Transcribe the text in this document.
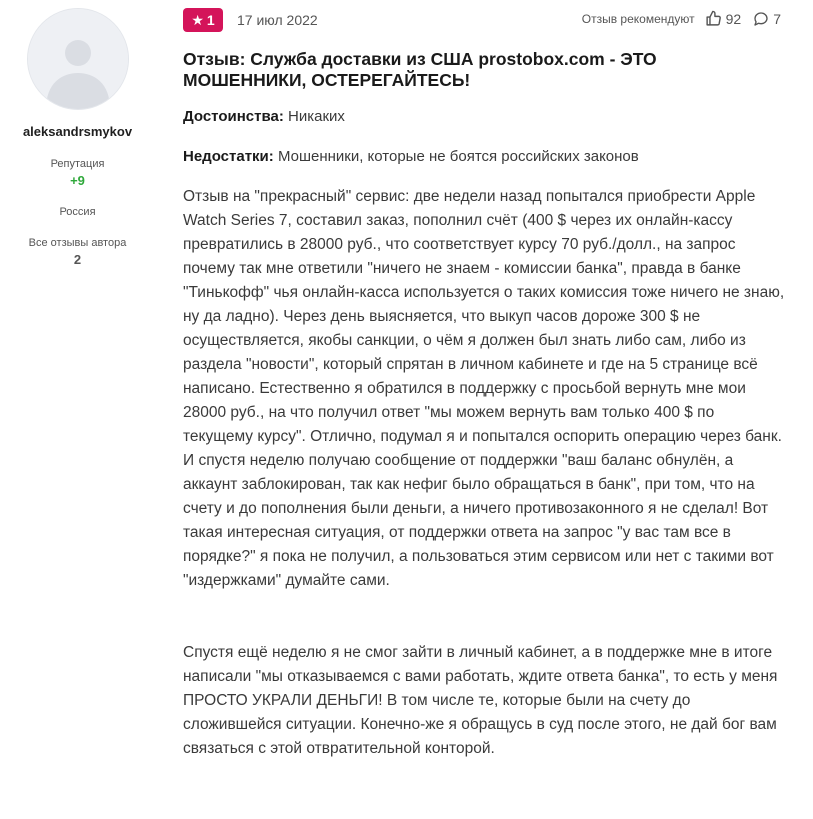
aleksandrsmykov
Репутация
+9
Россия
Все отзывы автора
2
★ 1 17 июл 2022	Отзыв рекомендуют 92 7
Отзыв: Служба доставки из США prostobox.com - ЭТО МОШЕННИКИ, ОСТЕРЕГАЙТЕСЬ!
Достоинства: Никаких
Недостатки: Мошенники, которые не боятся российских законов

Отзыв на "прекрасный" сервис: две недели назад попытался приобрести Apple Watch Series 7, составил заказ, пополнил счёт (400 $ через их онлайн-кассу превратились в 28000 руб., что соответствует курсу 70 руб./долл., на запрос почему так мне ответили "ничего не знаем - комиссии банка", правда в банке "Тинькофф" чья онлайн-касса используется о таких комиссия тоже ничего не знаю, ну да ладно). Через день выясняется, что выкуп часов дороже 300 $ не осуществляется, якобы санкции, о чём я должен был знать либо сам, либо из раздела "новости", который спрятан в личном кабинете и где на 5 странице всё написано. Естественно я обратился в поддержку с просьбой вернуть мне мои 28000 руб., на что получил ответ "мы можем вернуть вам только 400 $ по текущему курсу". Отлично, подумал я и попытался оспорить операцию через банк. И спустя неделю получаю сообщение от поддержки "ваш баланс обнулён, а аккаунт заблокирован, так как нефиг было обращаться в банк", при том, что на счету и до пополнения были деньги, а ничего противозаконного я не сделал! Вот такая интересная ситуация, от поддержки ответа на запрос "у вас там все в порядке?" я пока не получил, а пользоваться этим сервисом или нет с такими вот "издержками" думайте сами.

Спустя ещё неделю я не смог зайти в личный кабинет, а в поддержке мне в итоге написали "мы отказываемся с вами работать, ждите ответа банка", то есть у меня ПРОСТО УКРАЛИ ДЕНЬГИ! В том числе те, которые были на счету до сложившейся ситуации. Конечно-же я обращусь в суд после этого, не дай бог вам связаться с этой отвратительной конторой.
